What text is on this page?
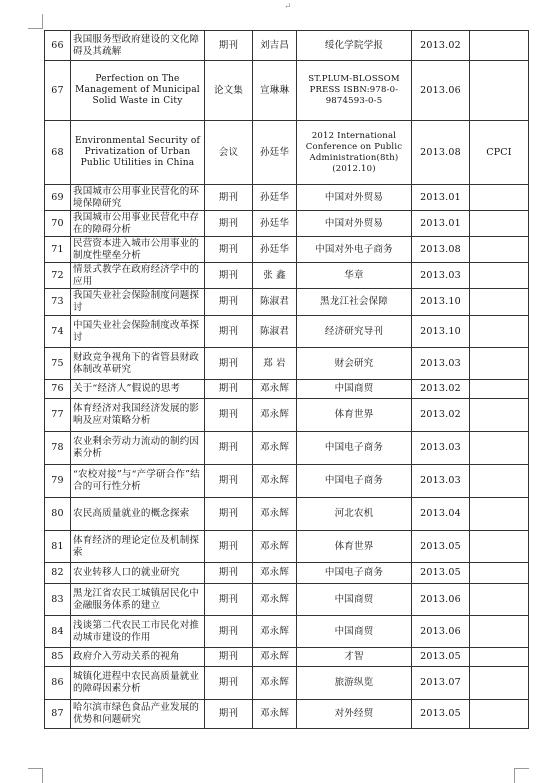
↵
66	我国服务型政府建设的文化障碍及其疏解	期刊	刘吉昌	绥化学院学报	2013.02	
67	Perfection on The Management of Municipal Solid Waste in City	论文集	宣琳琳	ST.PLUM-BLOSSOM PRESS ISBN:978-0-9874593-0-5	2013.06	
68	Environmental Security of Privatization of Urban Public Utilities in China	会议	孙廷华	2012 International Conference on Public Administration(8th) (2012.10)	2013.08	CPCI
69	我国城市公用事业民营化的环境保障研究	期刊	孙廷华	中国对外贸易	2013.01	
70	我国城市公用事业民营化中存在的障碍分析	期刊	孙廷华	中国对外贸易	2013.01	
71	民营资本进入城市公用事业的制度性壁垒分析	期刊	孙廷华	中国对外电子商务	2013.08	
72	情景式教学在政府经济学中的应用	期刊	张 鑫	华章	2013.03	
73	我国失业社会保险制度问题探讨	期刊	陈淑君	黑龙江社会保障	2013.10	
74	中国失业社会保险制度改革探讨	期刊	陈淑君	经济研究导刊	2013.10	
75	财政竞争视角下的省管县财政体制改革研究	期刊	郑 岩	财会研究	2013.03	
76	关于“经济人”假说的思考	期刊	邓永辉	中国商贸	2013.02	
77	体育经济对我国经济发展的影响及应对策略分析	期刊	邓永辉	体育世界	2013.02	
78	农业剩余劳动力流动的制约因素分析	期刊	邓永辉	中国电子商务	2013.03	
79	“农校对接”与“产学研合作”结合的可行性分析	期刊	邓永辉	中国电子商务	2013.03	
80	农民高质量就业的概念探索	期刊	邓永辉	河北农机	2013.04	
81	体育经济的理论定位及机制探索	期刊	邓永辉	体育世界	2013.05	
82	农业转移人口的就业研究	期刊	邓永辉	中国电子商务	2013.05	
83	黑龙江省农民工城镇居民化中金融服务体系的建立	期刊	邓永辉	中国商贸	2013.06	
84	浅谈第二代农民工市民化对推动城市建设的作用	期刊	邓永辉	中国商贸	2013.06	
85	政府介入劳动关系的视角	期刊	邓永辉	才智	2013.05	
86	城镇化进程中农民高质量就业的障碍因素分析	期刊	邓永辉	旅游纵览	2013.07	
87	哈尔滨市绿色食品产业发展的优势和问题研究	期刊	邓永辉	对外经贸	2013.05	
